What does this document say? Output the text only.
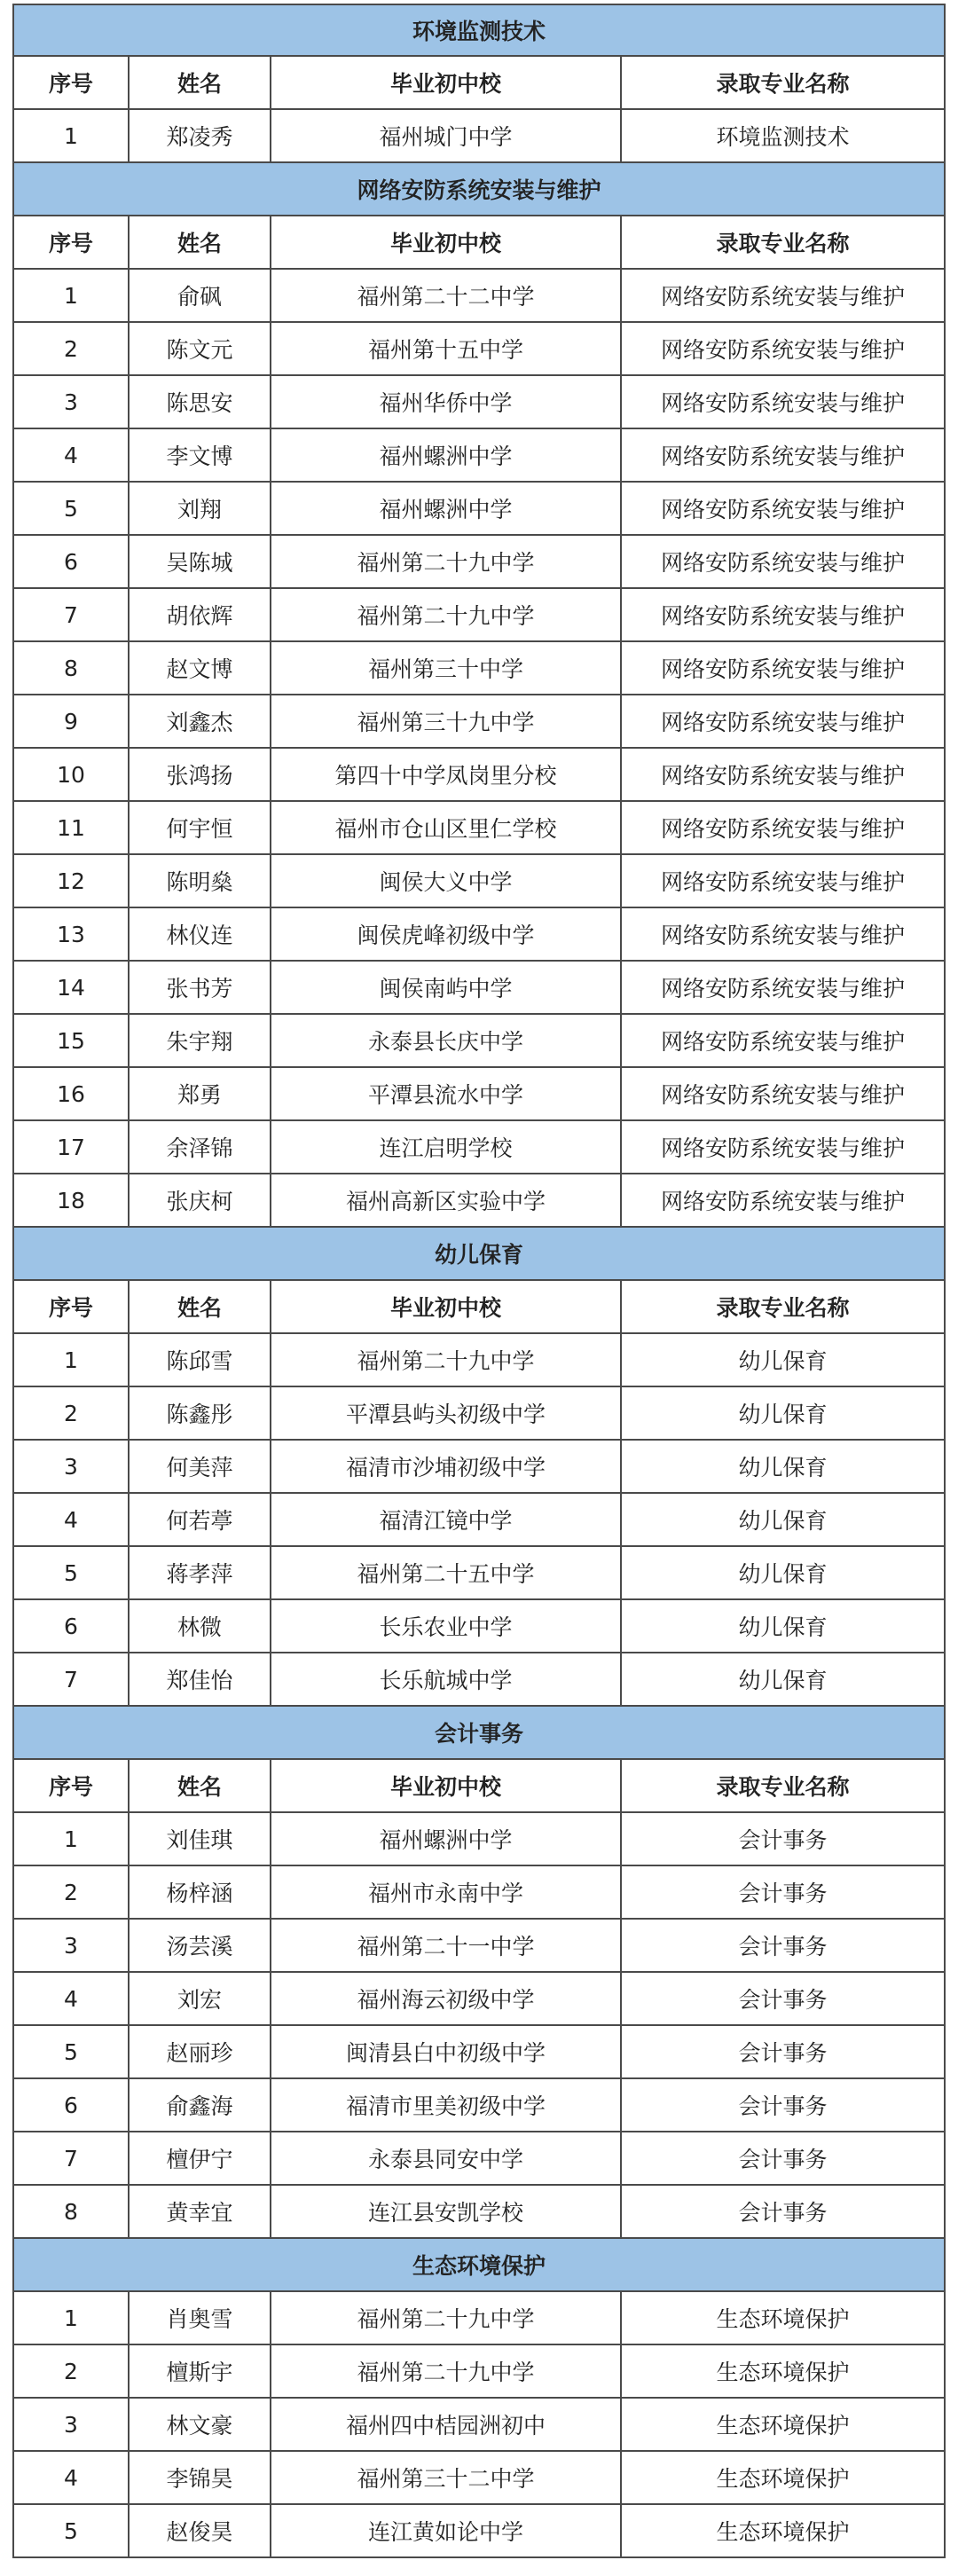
环境监测技术
序号	姓名	毕业初中校	录取专业名称
1	郑凌秀	福州城门中学	环境监测技术
网络安防系统安装与维护
序号	姓名	毕业初中校	录取专业名称
1	俞砜	福州第二十二中学	网络安防系统安装与维护
2	陈文元	福州第十五中学	网络安防系统安装与维护
3	陈思安	福州华侨中学	网络安防系统安装与维护
4	李文博	福州螺洲中学	网络安防系统安装与维护
5	刘翔	福州螺洲中学	网络安防系统安装与维护
6	吴陈城	福州第二十九中学	网络安防系统安装与维护
7	胡依辉	福州第二十九中学	网络安防系统安装与维护
8	赵文博	福州第三十中学	网络安防系统安装与维护
9	刘鑫杰	福州第三十九中学	网络安防系统安装与维护
10	张鸿扬	第四十中学凤岗里分校	网络安防系统安装与维护
11	何宇恒	福州市仓山区里仁学校	网络安防系统安装与维护
12	陈明燊	闽侯大义中学	网络安防系统安装与维护
13	林仪连	闽侯虎峰初级中学	网络安防系统安装与维护
14	张书芳	闽侯南屿中学	网络安防系统安装与维护
15	朱宇翔	永泰县长庆中学	网络安防系统安装与维护
16	郑勇	平潭县流水中学	网络安防系统安装与维护
17	余泽锦	连江启明学校	网络安防系统安装与维护
18	张庆柯	福州高新区实验中学	网络安防系统安装与维护
幼儿保育
序号	姓名	毕业初中校	录取专业名称
1	陈邱雪	福州第二十九中学	幼儿保育
2	陈鑫彤	平潭县屿头初级中学	幼儿保育
3	何美萍	福清市沙埔初级中学	幼儿保育
4	何若葶	福清江镜中学	幼儿保育
5	蒋孝萍	福州第二十五中学	幼儿保育
6	林微	长乐农业中学	幼儿保育
7	郑佳怡	长乐航城中学	幼儿保育
会计事务
序号	姓名	毕业初中校	录取专业名称
1	刘佳琪	福州螺洲中学	会计事务
2	杨梓涵	福州市永南中学	会计事务
3	汤芸溪	福州第二十一中学	会计事务
4	刘宏	福州海云初级中学	会计事务
5	赵丽珍	闽清县白中初级中学	会计事务
6	俞鑫海	福清市里美初级中学	会计事务
7	檀伊宁	永泰县同安中学	会计事务
8	黄幸宜	连江县安凯学校	会计事务
生态环境保护
1	肖奥雪	福州第二十九中学	生态环境保护
2	檀斯宇	福州第二十九中学	生态环境保护
3	林文豪	福州四中桔园洲初中	生态环境保护
4	李锦昊	福州第三十二中学	生态环境保护
5	赵俊昊	连江黄如论中学	生态环境保护
